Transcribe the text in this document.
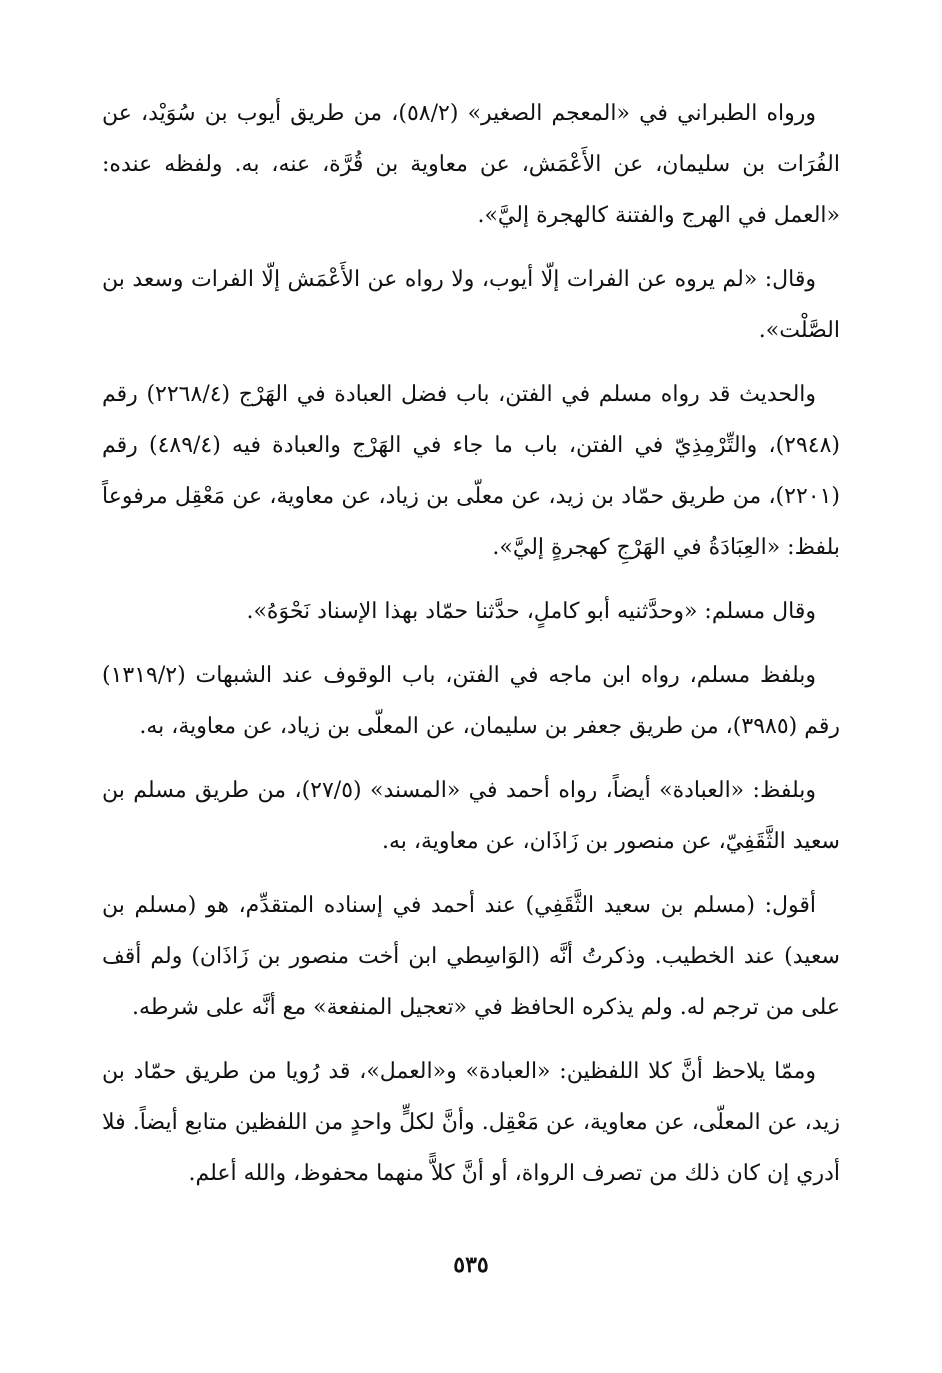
ورواه الطبراني في «المعجم الصغير» (٥٨/٢)، من طريق أيوب بن سُوَيْد، عن الفُرَات بن سليمان، عن الأَعْمَش، عن معاوية بن قُرَّة، عنه، به. ولفظه عنده: «العمل في الهرج والفتنة كالهجرة إليَّ».

وقال: «لم يروه عن الفرات إلّا أيوب، ولا رواه عن الأَعْمَش إلّا الفرات وسعد بن الصَّلْت».

والحديث قد رواه مسلم في الفتن، باب فضل العبادة في الهَرْج (٢٢٦٨/٤) رقم (٢٩٤٨)، والتِّرْمِذِيّ في الفتن، باب ما جاء في الهَرْج والعبادة فيه (٤٨٩/٤) رقم (٢٢٠١)، من طريق حمّاد بن زيد، عن معلّى بن زياد، عن معاوية، عن مَعْقِل مرفوعاً بلفظ: «العِبَادَةُ في الهَرْجِ كهجرةٍ إليَّ».

وقال مسلم: «وحدَّثنيه أبو كاملٍ، حدَّثنا حمّاد بهذا الإسناد نَحْوَهُ».

وبلفظ مسلم، رواه ابن ماجه في الفتن، باب الوقوف عند الشبهات (١٣١٩/٢) رقم (٣٩٨٥)، من طريق جعفر بن سليمان، عن المعلّى بن زياد، عن معاوية، به.

وبلفظ: «العبادة» أيضاً، رواه أحمد في «المسند» (٢٧/٥)، من طريق مسلم بن سعيد الثَّقَفِيّ، عن منصور بن زَاذَان، عن معاوية، به.

أقول: (مسلم بن سعيد الثَّقَفِي) عند أحمد في إسناده المتقدِّم، هو (مسلم بن سعيد) عند الخطيب. وذكرتُ أنَّه (الوَاسِطي ابن أخت منصور بن زَاذَان) ولم أقف على من ترجم له. ولم يذكره الحافظ في «تعجيل المنفعة» مع أنَّه على شرطه.

وممّا يلاحظ أنَّ كلا اللفظين: «العبادة» و«العمل»، قد رُويا من طريق حمّاد بن زيد، عن المعلّى، عن معاوية، عن مَعْقِل. وأنَّ لكلٍّ واحدٍ من اللفظين متابع أيضاً. فلا أدري إن كان ذلك من تصرف الرواة، أو أنَّ كلاًّ منهما محفوظ، والله أعلم.

٥٣٥
